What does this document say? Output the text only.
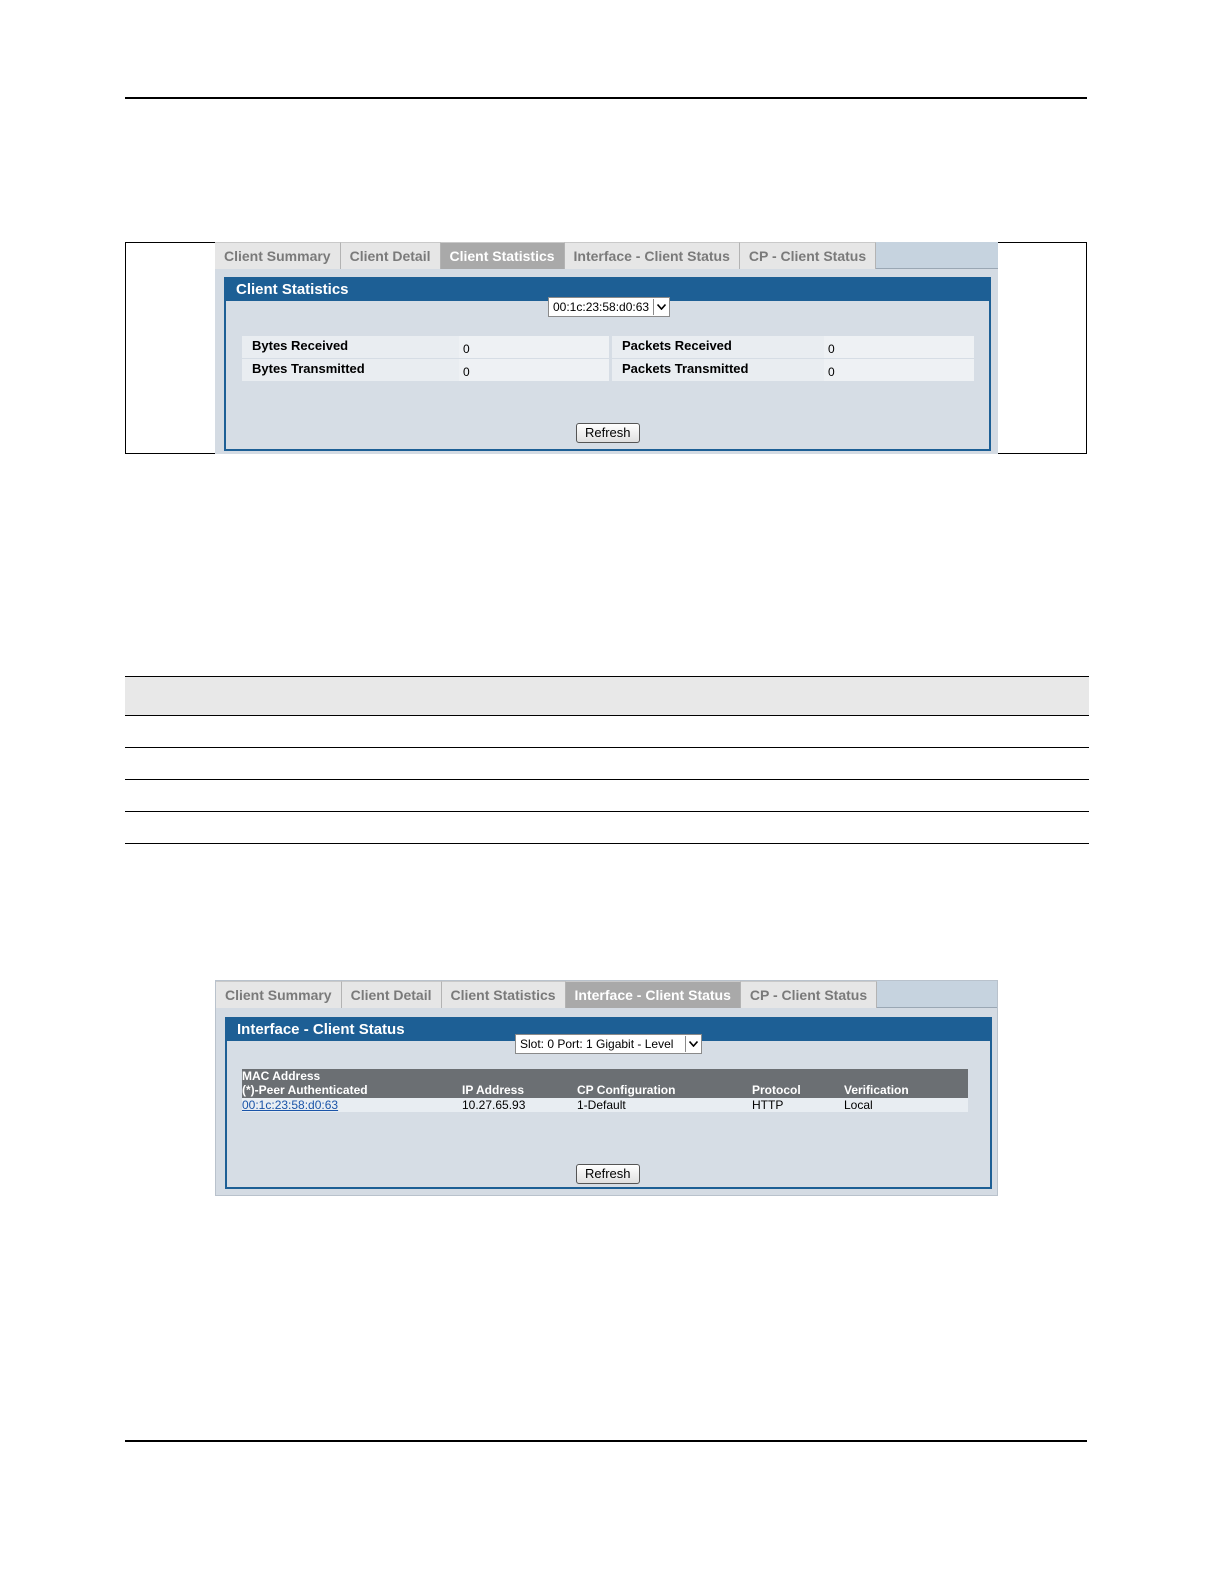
Client Summary	Client Detail	Client Statistics	Interface - Client Status	CP - Client Status
Client Statistics
00:1c:23:58:d0:63
Bytes Received	0	Packets Received	0
Bytes Transmitted	0	Packets Transmitted	0
Refresh
Client Summary	Client Detail	Client Statistics	Interface - Client Status	CP - Client Status
Interface - Client Status
Slot: 0 Port: 1 Gigabit - Level
MAC Address
(*)-Peer Authenticated	IP Address	CP Configuration	Protocol	Verification
00:1c:23:58:d0:63	10.27.65.93	1-Default	HTTP	Local
Refresh
